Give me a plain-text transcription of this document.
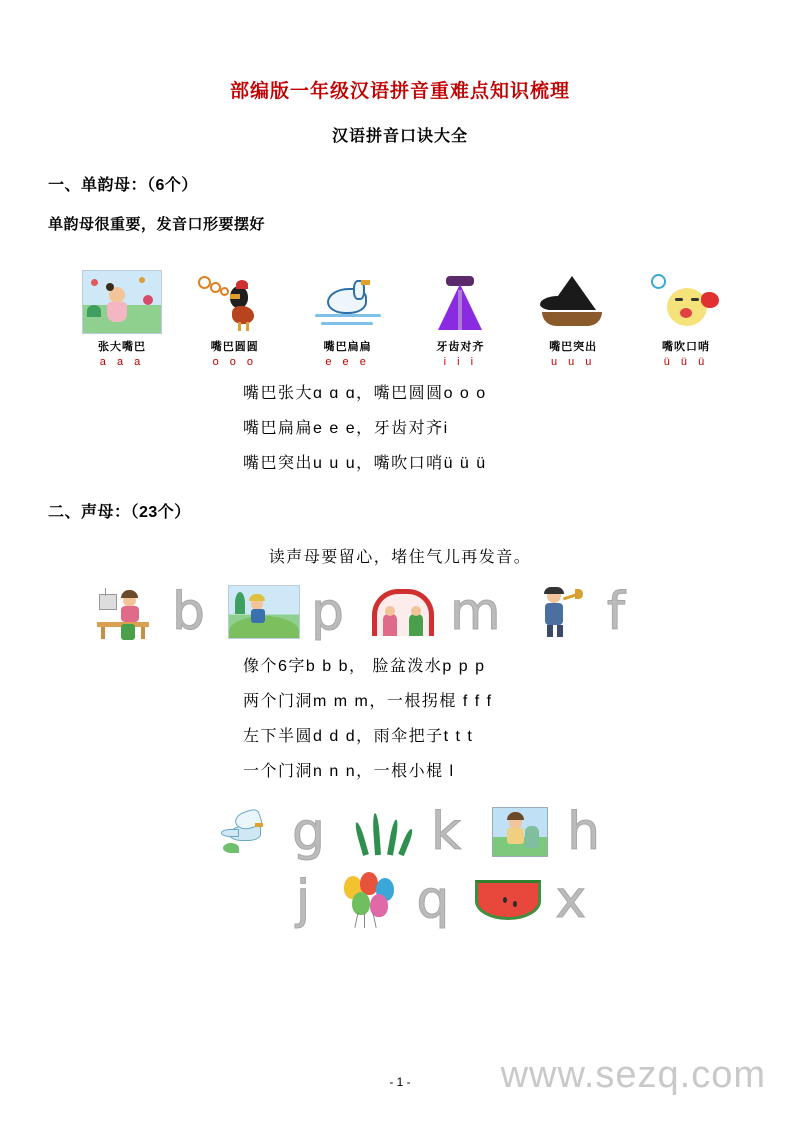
部编版一年级汉语拼音重难点知识梳理
汉语拼音口诀大全
一、单韵母：（6个）
单韵母很重要，发音口形要摆好
张大嘴巴
a a a
嘴巴圆圆
o o o
嘴巴扁扁
e e e
牙齿对齐
i i i
嘴巴突出
u u u
嘴吹口哨
ü ü ü
嘴巴张大ɑ ɑ ɑ，嘴巴圆圆o o o
嘴巴扁扁e e e，牙齿对齐i
嘴巴突出u u u，嘴吹口哨ü ü ü
二、声母：（23个）
读声母要留心，堵住气儿再发音。
b p m f
像个6字b b b， 脸盆泼水p p p
两个门洞m m m，一根拐棍 f f f
左下半圆d d d，雨伞把子t t t
一个门洞n n n，一根小棍 l
g k h
j q x
- 1 -	www.sezq.com
